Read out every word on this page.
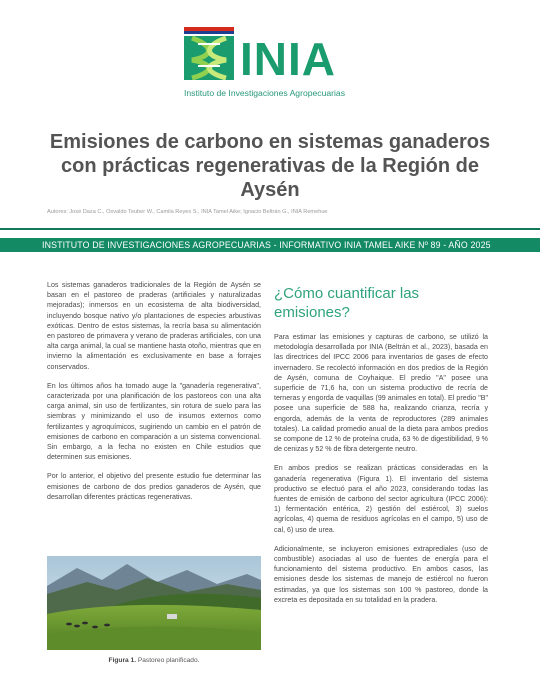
INIA
Instituto de Investigaciones Agropecuarias
Emisiones de carbono en sistemas ganaderos con prácticas regenerativas de la Región de Aysén
Autores: José Daza C., Osvaldo Teuber W., Camila Reyes S., INIA Tamel Aike; Ignacio Beltrán G., INIA Remehue
INSTITUTO DE INVESTIGACIONES AGROPECUARIAS - INFORMATIVO INIA TAMEL AIKE Nº 89 - AÑO 2025

Los sistemas ganaderos tradicionales de la Región de Aysén se basan en el pastoreo de praderas (artificiales y naturalizadas mejoradas); inmersos en un ecosistema de alta biodiversidad, incluyendo bosque nativo y/o plantaciones de especies arbustivas exóticas. Dentro de estos sistemas, la recría basa su alimentación en pastoreo de primavera y verano de praderas artificiales, con una alta carga animal, la cual se mantiene hasta otoño, mientras que en invierno la alimentación es exclusivamente en base a forrajes conservados.

En los últimos años ha tomado auge la "ganadería regenerativa", caracterizada por una planificación de los pastoreos con una alta carga animal, sin uso de fertilizantes, sin rotura de suelo para las siembras y minimizando el uso de insumos externos como fertilizantes y agroquímicos, sugiriendo un cambio en el patrón de emisiones de carbono en comparación a un sistema convencional. Sin embargo, a la fecha no existen en Chile estudios que determinen sus emisiones.

Por lo anterior, el objetivo del presente estudio fue determinar las emisiones de carbono de dos predios ganaderos de Aysén, que desarrollan diferentes prácticas regenerativas.

Figura 1. Pastoreo planificado.
¿Cómo cuantificar las emisiones?

Para estimar las emisiones y capturas de carbono, se utilizó la metodología desarrollada por INIA (Beltrán et al., 2023), basada en las directrices del IPCC 2006 para inventarios de gases de efecto invernadero. Se recolectó información en dos predios de la Región de Aysén, comuna de Coyhaique. El predio "A" posee una superficie de 71,6 ha, con un sistema productivo de recría de terneras y engorda de vaquillas (99 animales en total). El predio "B" posee una superficie de 588 ha, realizando crianza, recría y engorda, además de la venta de reproductores (289 animales totales). La calidad promedio anual de la dieta para ambos predios se compone de 12 % de proteína cruda, 63 % de digestibilidad, 9 % de cenizas y 52 % de fibra detergente neutro.

En ambos predios se realizan prácticas consideradas en la ganadería regenerativa (Figura 1). El inventario del sistema productivo se efectuó para el año 2023, considerando todas las fuentes de emisión de carbono del sector agricultura (IPCC 2006): 1) fermentación entérica, 2) gestión del estiércol, 3) suelos agrícolas, 4) quema de residuos agrícolas en el campo, 5) uso de cal, 6) uso de urea.

Adicionalmente, se incluyeron emisiones extraprediales (uso de combustible) asociadas al uso de fuentes de energía para el funcionamiento del sistema productivo. En ambos casos, las emisiones desde los sistemas de manejo de estiércol no fueron estimadas, ya que los sistemas son 100 % pastoreo, donde la excreta es depositada en su totalidad en la pradera.
